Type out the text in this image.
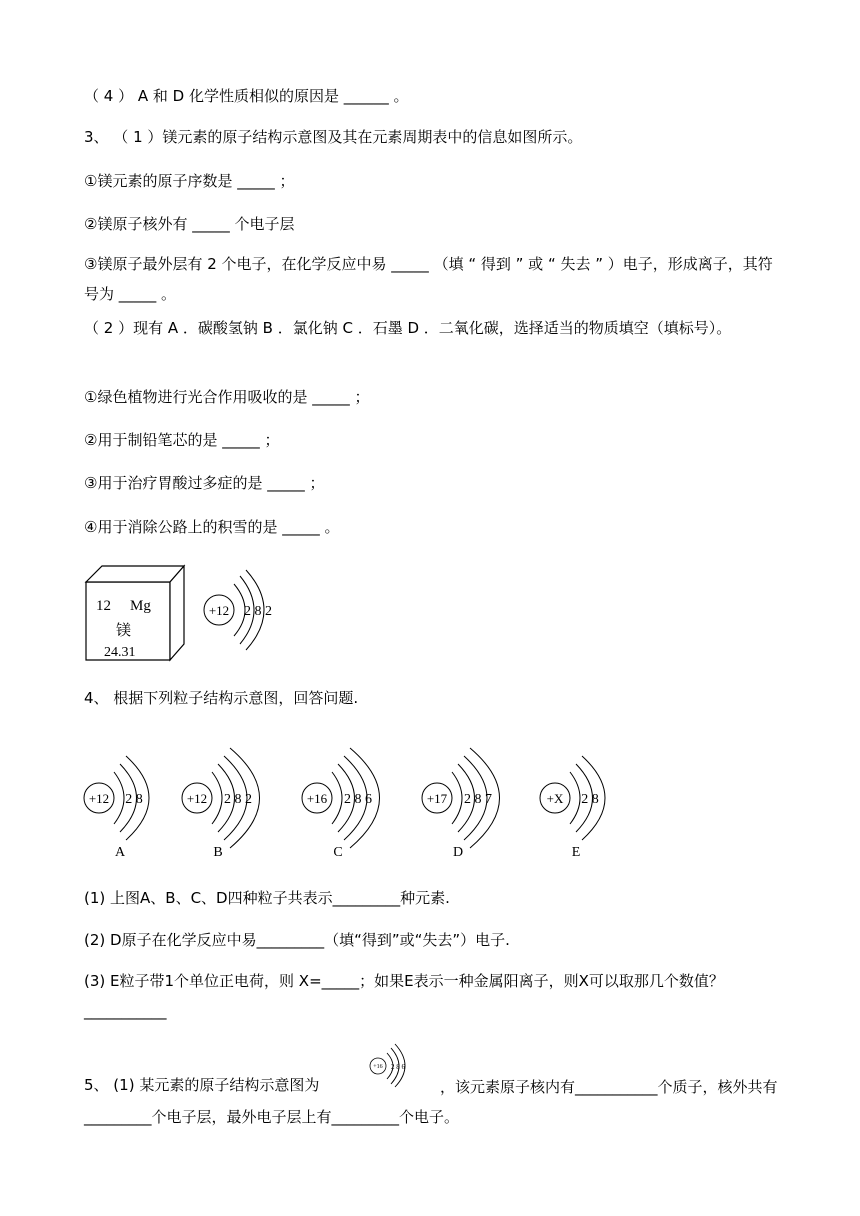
（ 4 ） A 和 D 化学性质相似的原因是 ______ 。
3、 （ 1 ）镁元素的原子结构示意图及其在元素周期表中的信息如图所示。
①镁元素的原子序数是 _____ ；
②镁原子核外有 _____ 个电子层
③镁原子最外层有 2 个电子，在化学反应中易 _____ （填 “ 得到 ” 或 “ 失去 ” ）电子，形成离子，其符号为 _____ 。
（ 2 ）现有 A ．碳酸氢钠 B ．氯化钠 C ．石墨 D ．二氧化碳，选择适当的物质填空（填标号）。
①绿色植物进行光合作用吸收的是 _____ ；
②用于制铅笔芯的是 _____ ；
③用于治疗胃酸过多症的是 _____ ；
④用于消除公路上的积雪的是 _____ 。
12 Mg
镁
24.31
+12 2 8 2
4、 根据下列粒子结构示意图，回答问题.
+12 2 8
A
+12 2 8 2
B
+16 2 8 6
C
+17 2 8 7
D
+X 2 8
E
(1) 上图A、B、C、D四种粒子共表示_________种元素.
(2) D原子在化学反应中易_________（填“得到”或“失去”）电子.
(3) E粒子带1个单位正电荷，则 X=_____；如果E表示一种金属阳离子，则X可以取那几个数值？___________
5、 (1) 某元素的原子结构示意图为
+16 2 8 6
，该元素原子核内有___________个质子，核外共有_________个电子层，最外电子层上有_________个电子。
